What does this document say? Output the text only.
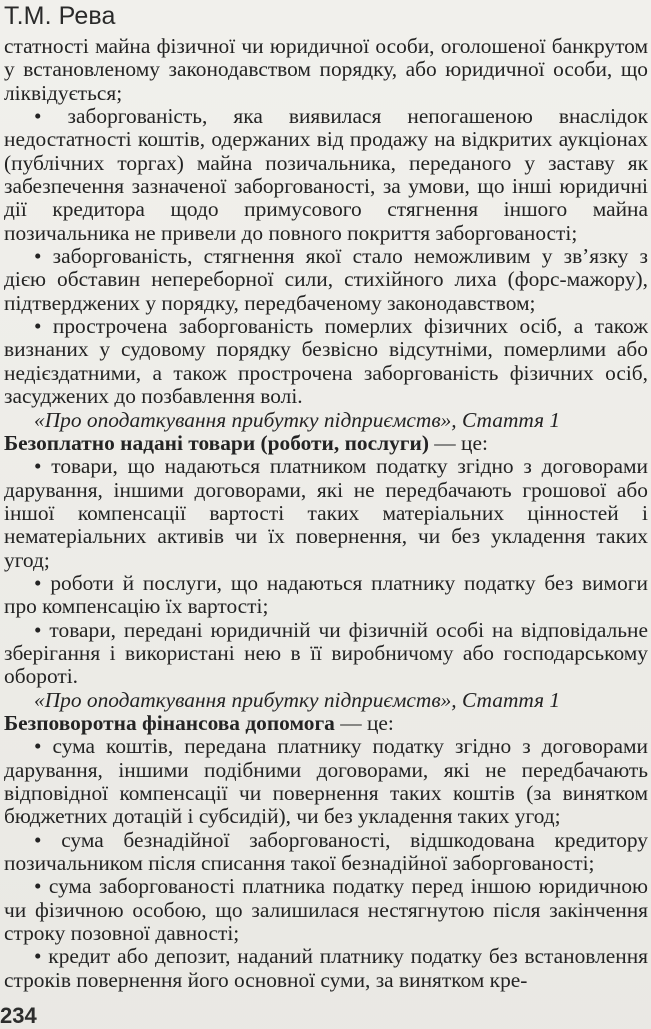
Т.М. Рева

статності майна фізичної чи юридичної особи, оголошеної банкрутом у встановленому законодавством порядку, або юридичної особи, що ліквідується;

• заборгованість, яка виявилася непогашеною внаслідок недостатності коштів, одержаних від продажу на відкритих аукціонах (публічних торгах) майна позичальника, переданого у заставу як забезпечення зазначеної заборгованості, за умови, що інші юридичні дії кредитора щодо примусового стягнення іншого майна позичальника не привели до повного покриття заборгованості;

• заборгованість, стягнення якої стало неможливим у зв’язку з дією обставин непереборної сили, стихійного лиха (форс-мажору), підтверджених у порядку, передбаченому законодавством;

• прострочена заборгованість померлих фізичних осіб, а також визнаних у судовому порядку безвісно відсутніми, померлими або недієздатними, а також прострочена заборгованість фізичних осіб, засуджених до позбавлення волі.

«Про оподаткування прибутку підприємств», Стаття 1

Безоплатно надані товари (роботи, послуги) — це:

• товари, що надаються платником податку згідно з договорами дарування, іншими договорами, які не передбачають грошової або іншої компенсації вартості таких матеріальних цінностей і нематеріальних активів чи їх повернення, чи без укладення таких угод;

• роботи й послуги, що надаються платнику податку без вимоги про компенсацію їх вартості;

• товари, передані юридичній чи фізичній особі на відповідальне зберігання і використані нею в її виробничому або господарському обороті.

«Про оподаткування прибутку підприємств», Стаття 1

Безповоротна фінансова допомога — це:

• сума коштів, передана платнику податку згідно з договорами дарування, іншими подібними договорами, які не передбачають відповідної компенсації чи повернення таких коштів (за винятком бюджетних дотацій і субсидій), чи без укладення таких угод;

• сума безнадійної заборгованості, відшкодована кредитору позичальником після списання такої безнадійної заборгованості;

• сума заборгованості платника податку перед іншою юридичною чи фізичною особою, що залишилася нестягнутою після закінчення строку позовної давності;

• кредит або депозит, наданий платнику податку без встановлення строків повернення його основної суми, за винятком кре-

234
